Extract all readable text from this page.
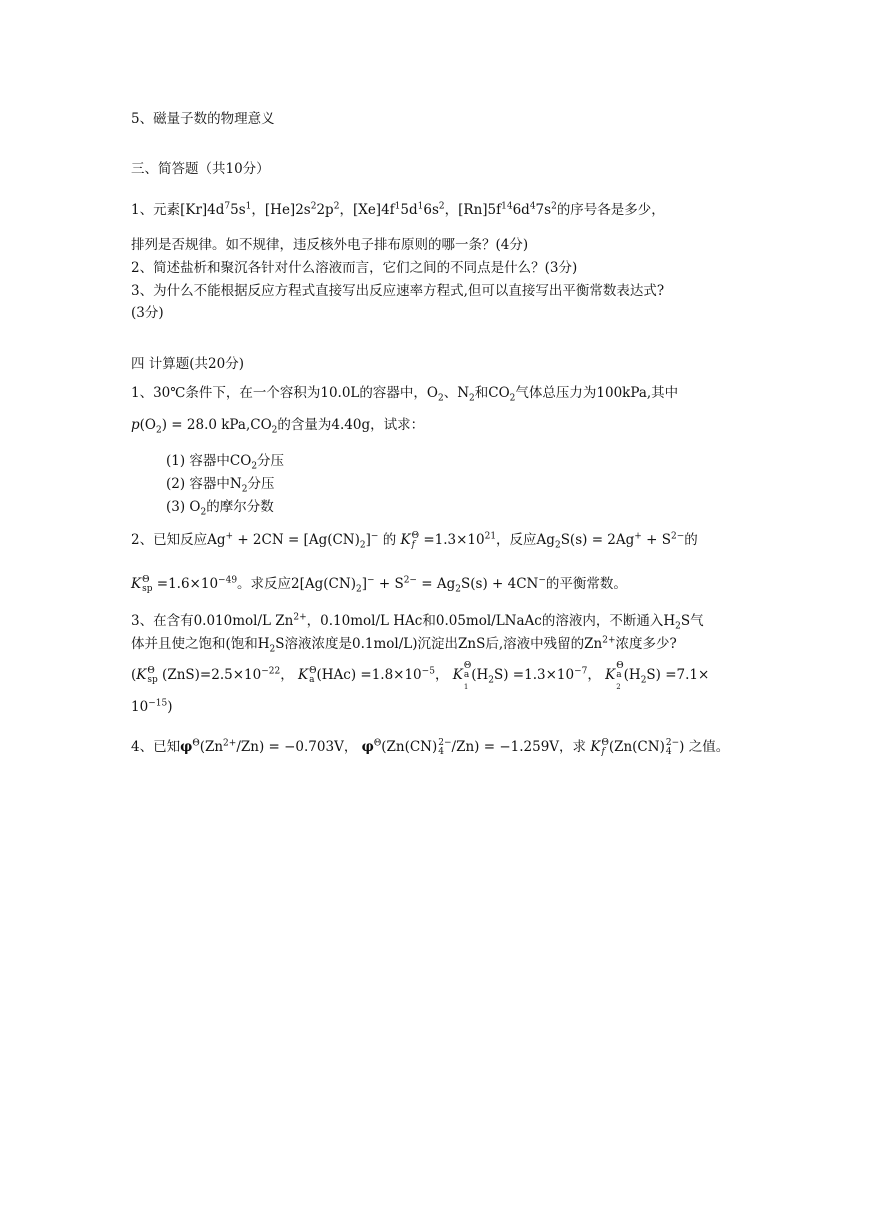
5、磁量子数的物理意义
三、简答题（共10分）
1、元素$[Kr]4d^75s^1$，$[He]2s^22p^2$，$[Xe]4f^15d^16s^2$，$[Rn]5f^{14}6d^47s^2$的序号各是多少，
排列是否规律。如不规律，违反核外电子排布原则的哪一条？(4分)
2、简述盐析和聚沉各针对什么溶液而言，它们之间的不同点是什么？(3分)
3、为什么不能根据反应方程式直接写出反应速率方程式,但可以直接写出平衡常数表达式?
(3分)
四 计算题(共20分)
1、30℃条件下，在一个容积为10.0L的容器中，$O_2$、$N_2$和$CO_2$气体总压力为100kPa,其中
$p(O_2) = 28.0$ $kPa,CO_2$的含量为4.40g，试求：
(1) 容器中$CO_2$分压
(2) 容器中$N_2$分压
(3) $O_2$的摩尔分数
2、已知反应$Ag^+ + 2CN = [Ag(CN)_2]^-$ 的 K Θ
$f =1.3\times 10^{21}$，反应$Ag_2S(s) = 2Ag^+ + S^{2-}$的
K Θ
sp $=1.6\times 10^{-49}$。求反应$2[Ag(CN)_2]^- + S^{2-} = Ag_2S(s) + 4CN^-$的平衡常数。
3、在含有0.010mol/L $Zn^{2+}$，0.10mol/L HAc和0.05mol/LNaAc的溶液内，不断通入$H_2S$气
体并且使之饱和(饱和$H_2S$溶液浓度是0.1mol/L)沉淀出ZnS后,溶液中残留的$Zn^{2+}$浓度多少?
(K Θ
sp $(ZnS)=2.5\times 10^{-22}$， K Θ
a $(HAc) =1.8\times 10^{-5}$， K
Θ
a
$_1$
$(H_2S) =1.3\times 10^{-7}$， K
Θ
a
$_2$
$(H_2S) =7.1\times$
$10^{-15}$)
4、已知$\varphi^\Theta(Zn^{2+}/Zn) = -0.703V$， $\varphi^\Theta(Zn(CN)$ 2−
4 /Zn) = −1.259V，求 K Θ
f (Zn(CN) 2−
4 ) 之值。
